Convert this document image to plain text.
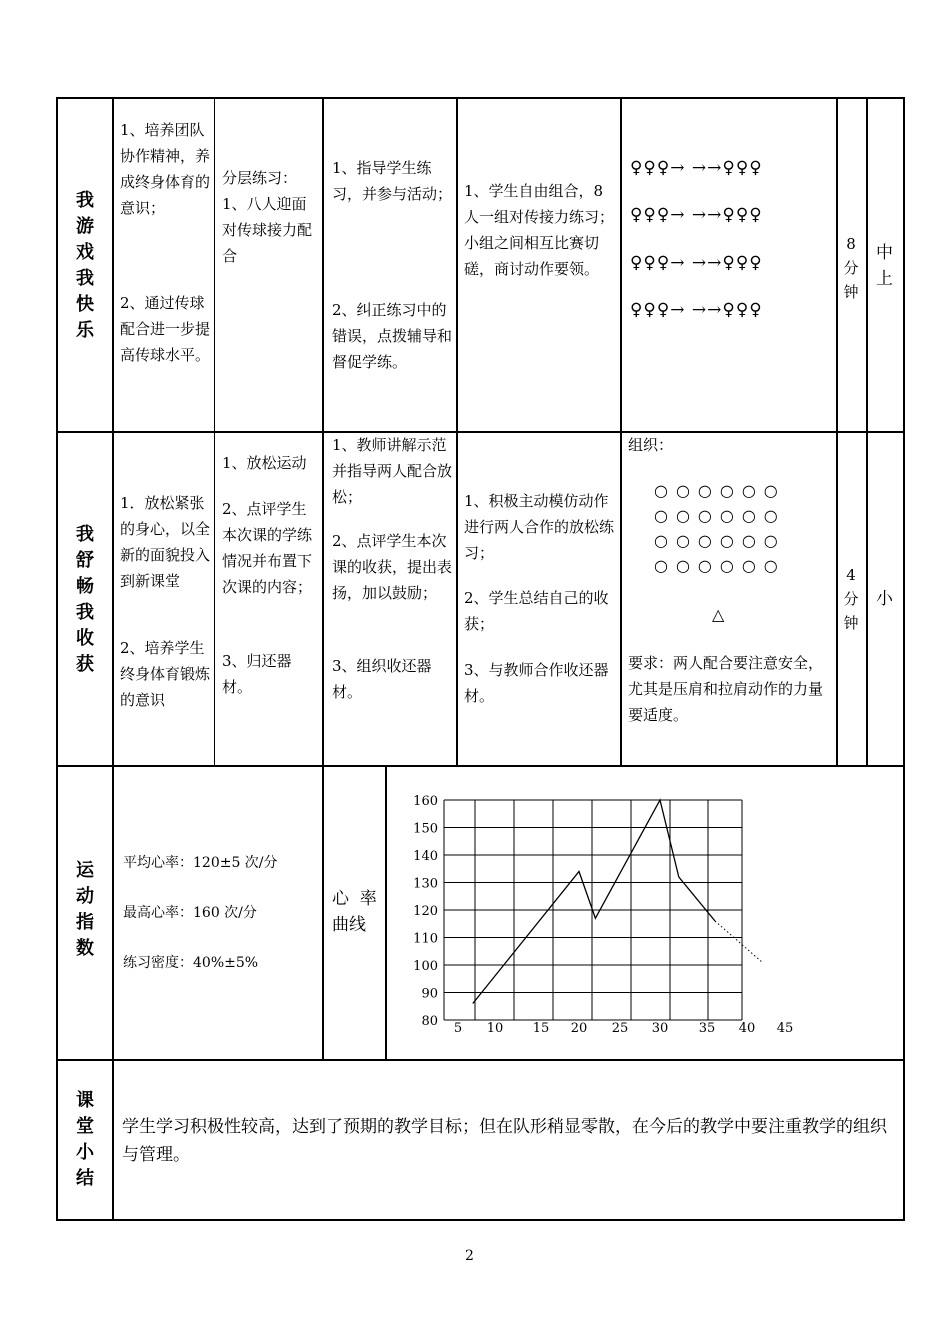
我游戏我快乐
1、培养团队协作精神，养成终身体育的意识；
2、通过传球配合进一步提高传球水平。
分层练习：
1、八人迎面对传球接力配合
1、指导学生练习，并参与活动；
2、纠正练习中的错误，点拨辅导和督促学练。
1、学生自由组合，8人一组对传接力练习；小组之间相互比赛切磋，商讨动作要领。
♀♀♀→ →→♀♀♀
♀♀♀→ →→♀♀♀
♀♀♀→ →→♀♀♀
♀♀♀→ →→♀♀♀
8
分
钟
中上
我舒畅我收获
1．放松紧张的身心，以全新的面貌投入到新课堂
2、培养学生终身体育锻炼的意识
1、放松运动
2、点评学生本次课的学练情况并布置下次课的内容；
3、归还器材。
1、教师讲解示范并指导两人配合放松；
2、点评学生本次课的收获，提出表扬，加以鼓励；
3、组织收还器材。
1、积极主动模仿动作进行两人合作的放松练习；
2、学生总结自己的收获；
3、与教师合作收还器材。
组织：
○○○○○○
○○○○○○
○○○○○○
○○○○○○
△
要求：两人配合要注意安全，尤其是压肩和拉肩动作的力量要适度。
4
分
钟
小
运动指数
平均心率：120±5 次/分
最高心率：160 次/分
练习密度：40%±5%
心  率
曲线
160
150
140
130
120
110
100
90
80 5 10 15 20 25 30 35 40 45
课堂小结
学生学习积极性较高，达到了预期的教学目标；但在队形稍显零散，在今后的教学中要注重教学的组织与管理。
2
